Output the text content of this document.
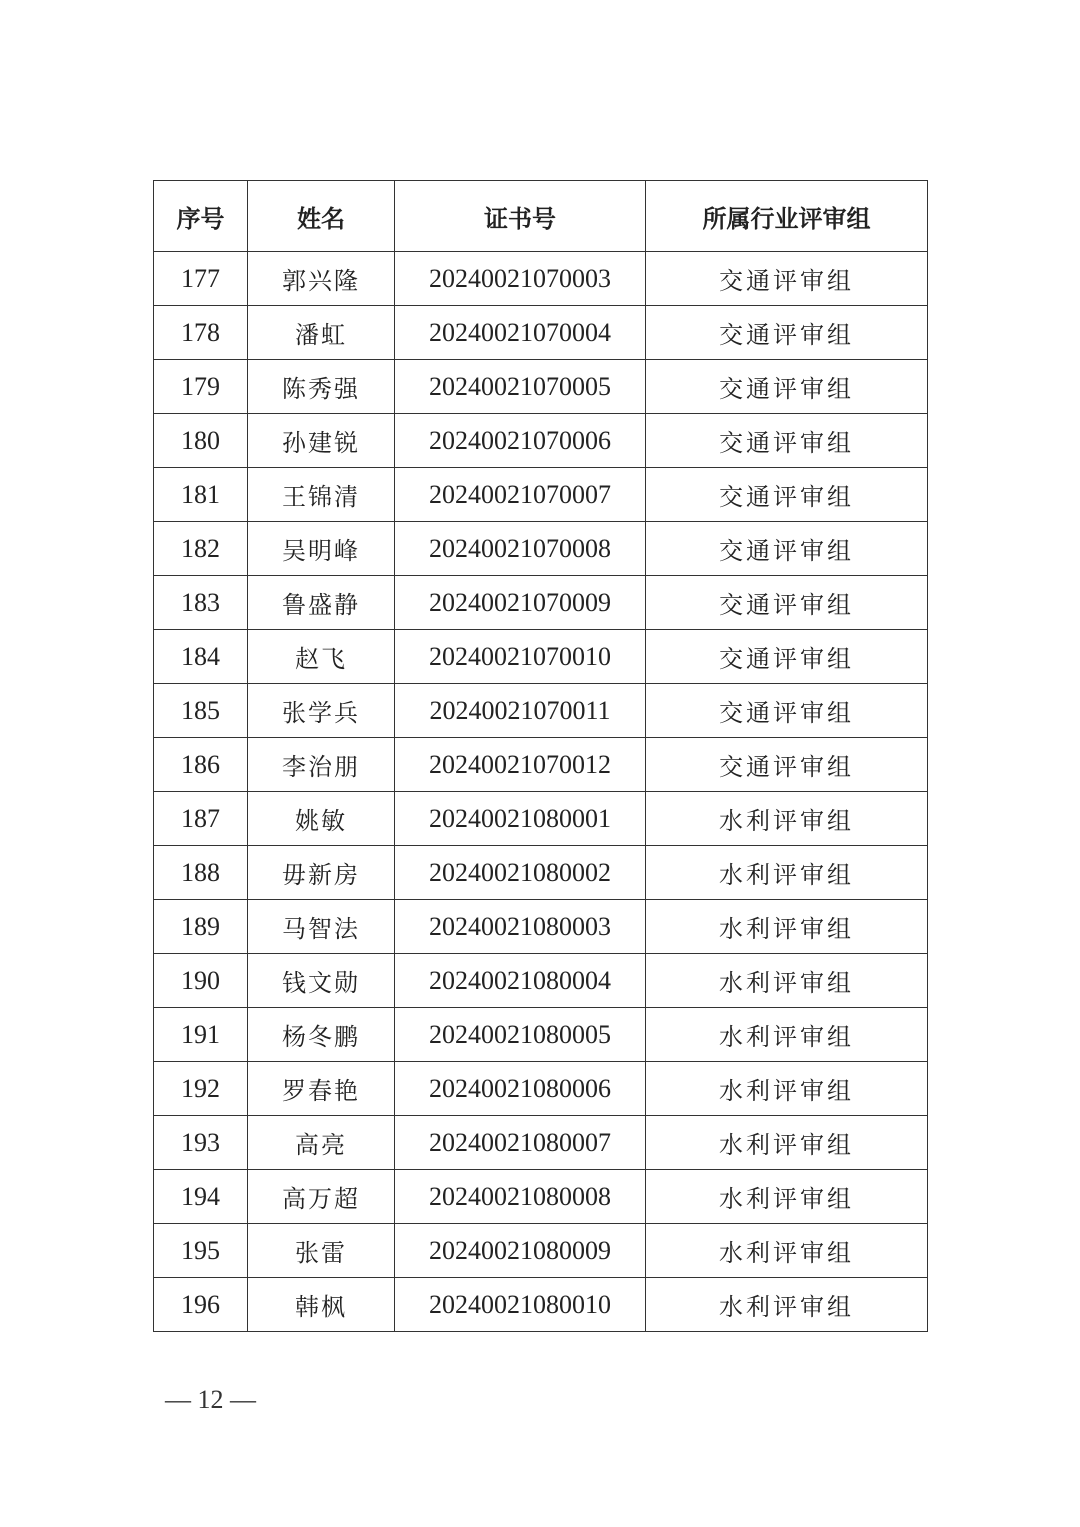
序号	姓名	证书号	所属行业评审组
177	郭兴隆	20240021070003	交通评审组
178	潘虹	20240021070004	交通评审组
179	陈秀强	20240021070005	交通评审组
180	孙建锐	20240021070006	交通评审组
181	王锦清	20240021070007	交通评审组
182	吴明峰	20240021070008	交通评审组
183	鲁盛静	20240021070009	交通评审组
184	赵飞	20240021070010	交通评审组
185	张学兵	20240021070011	交通评审组
186	李治朋	20240021070012	交通评审组
187	姚敏	20240021080001	水利评审组
188	毋新房	20240021080002	水利评审组
189	马智法	20240021080003	水利评审组
190	钱文勋	20240021080004	水利评审组
191	杨冬鹏	20240021080005	水利评审组
192	罗春艳	20240021080006	水利评审组
193	高亮	20240021080007	水利评审组
194	高万超	20240021080008	水利评审组
195	张雷	20240021080009	水利评审组
196	韩枫	20240021080010	水利评审组
— 12 —
